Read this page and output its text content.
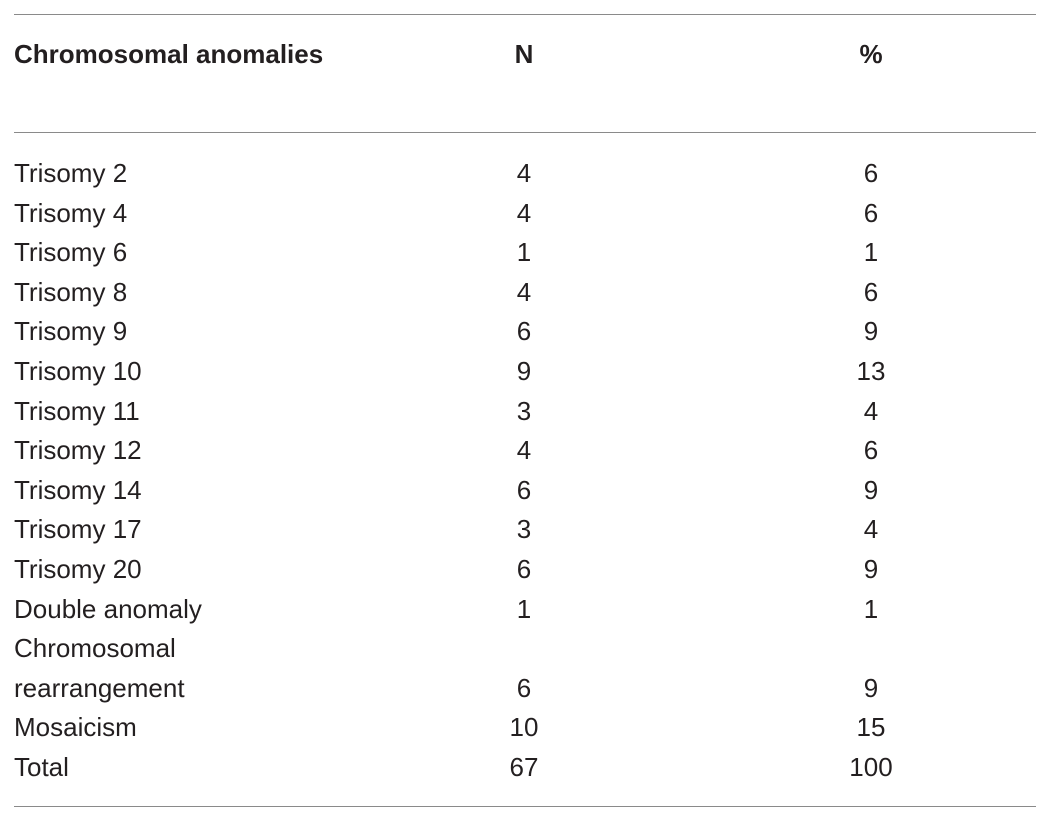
Chromosomal anomalies	N	%
Trisomy 2	4	6
Trisomy 4	4	6
Trisomy 6	1	1
Trisomy 8	4	6
Trisomy 9	6	9
Trisomy 10	9	13
Trisomy 11	3	4
Trisomy 12	4	6
Trisomy 14	6	9
Trisomy 17	3	4
Trisomy 20	6	9
Double anomaly	1	1
Chromosomal rearrangement	6	9
Mosaicism	10	15
Total	67	100
